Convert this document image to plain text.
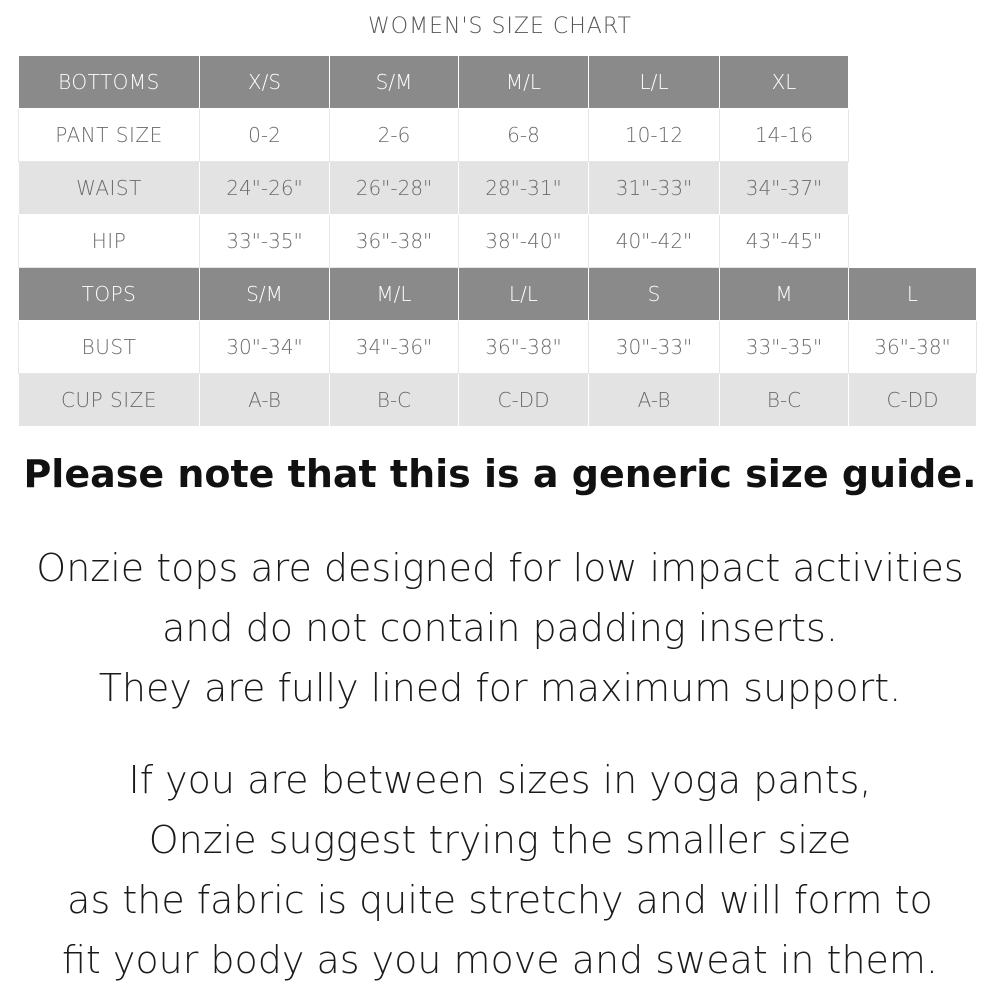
WOMEN'S SIZE CHART
BOTTOMS	X/S	S/M	M/L	L/L	XL	
PANT SIZE	0-2	2-6	6-8	10-12	14-16	
WAIST	24"-26"	26"-28"	28"-31"	31"-33"	34"-37"	
HIP	33"-35"	36"-38"	38"-40"	40"-42"	43"-45"	
TOPS	S/M	M/L	L/L	S	M	L
BUST	30"-34"	34"-36"	36"-38"	30"-33"	33"-35"	36"-38"
CUP SIZE	A-B	B-C	C-DD	A-B	B-C	C-DD
Please note that this is a generic size guide.
Onzie tops are designed for low impact activities
and do not contain padding inserts.
They are fully lined for maximum support.
If you are between sizes in yoga pants,
Onzie suggest trying the smaller size
as the fabric is quite stretchy and will form to
fit your body as you move and sweat in them.
